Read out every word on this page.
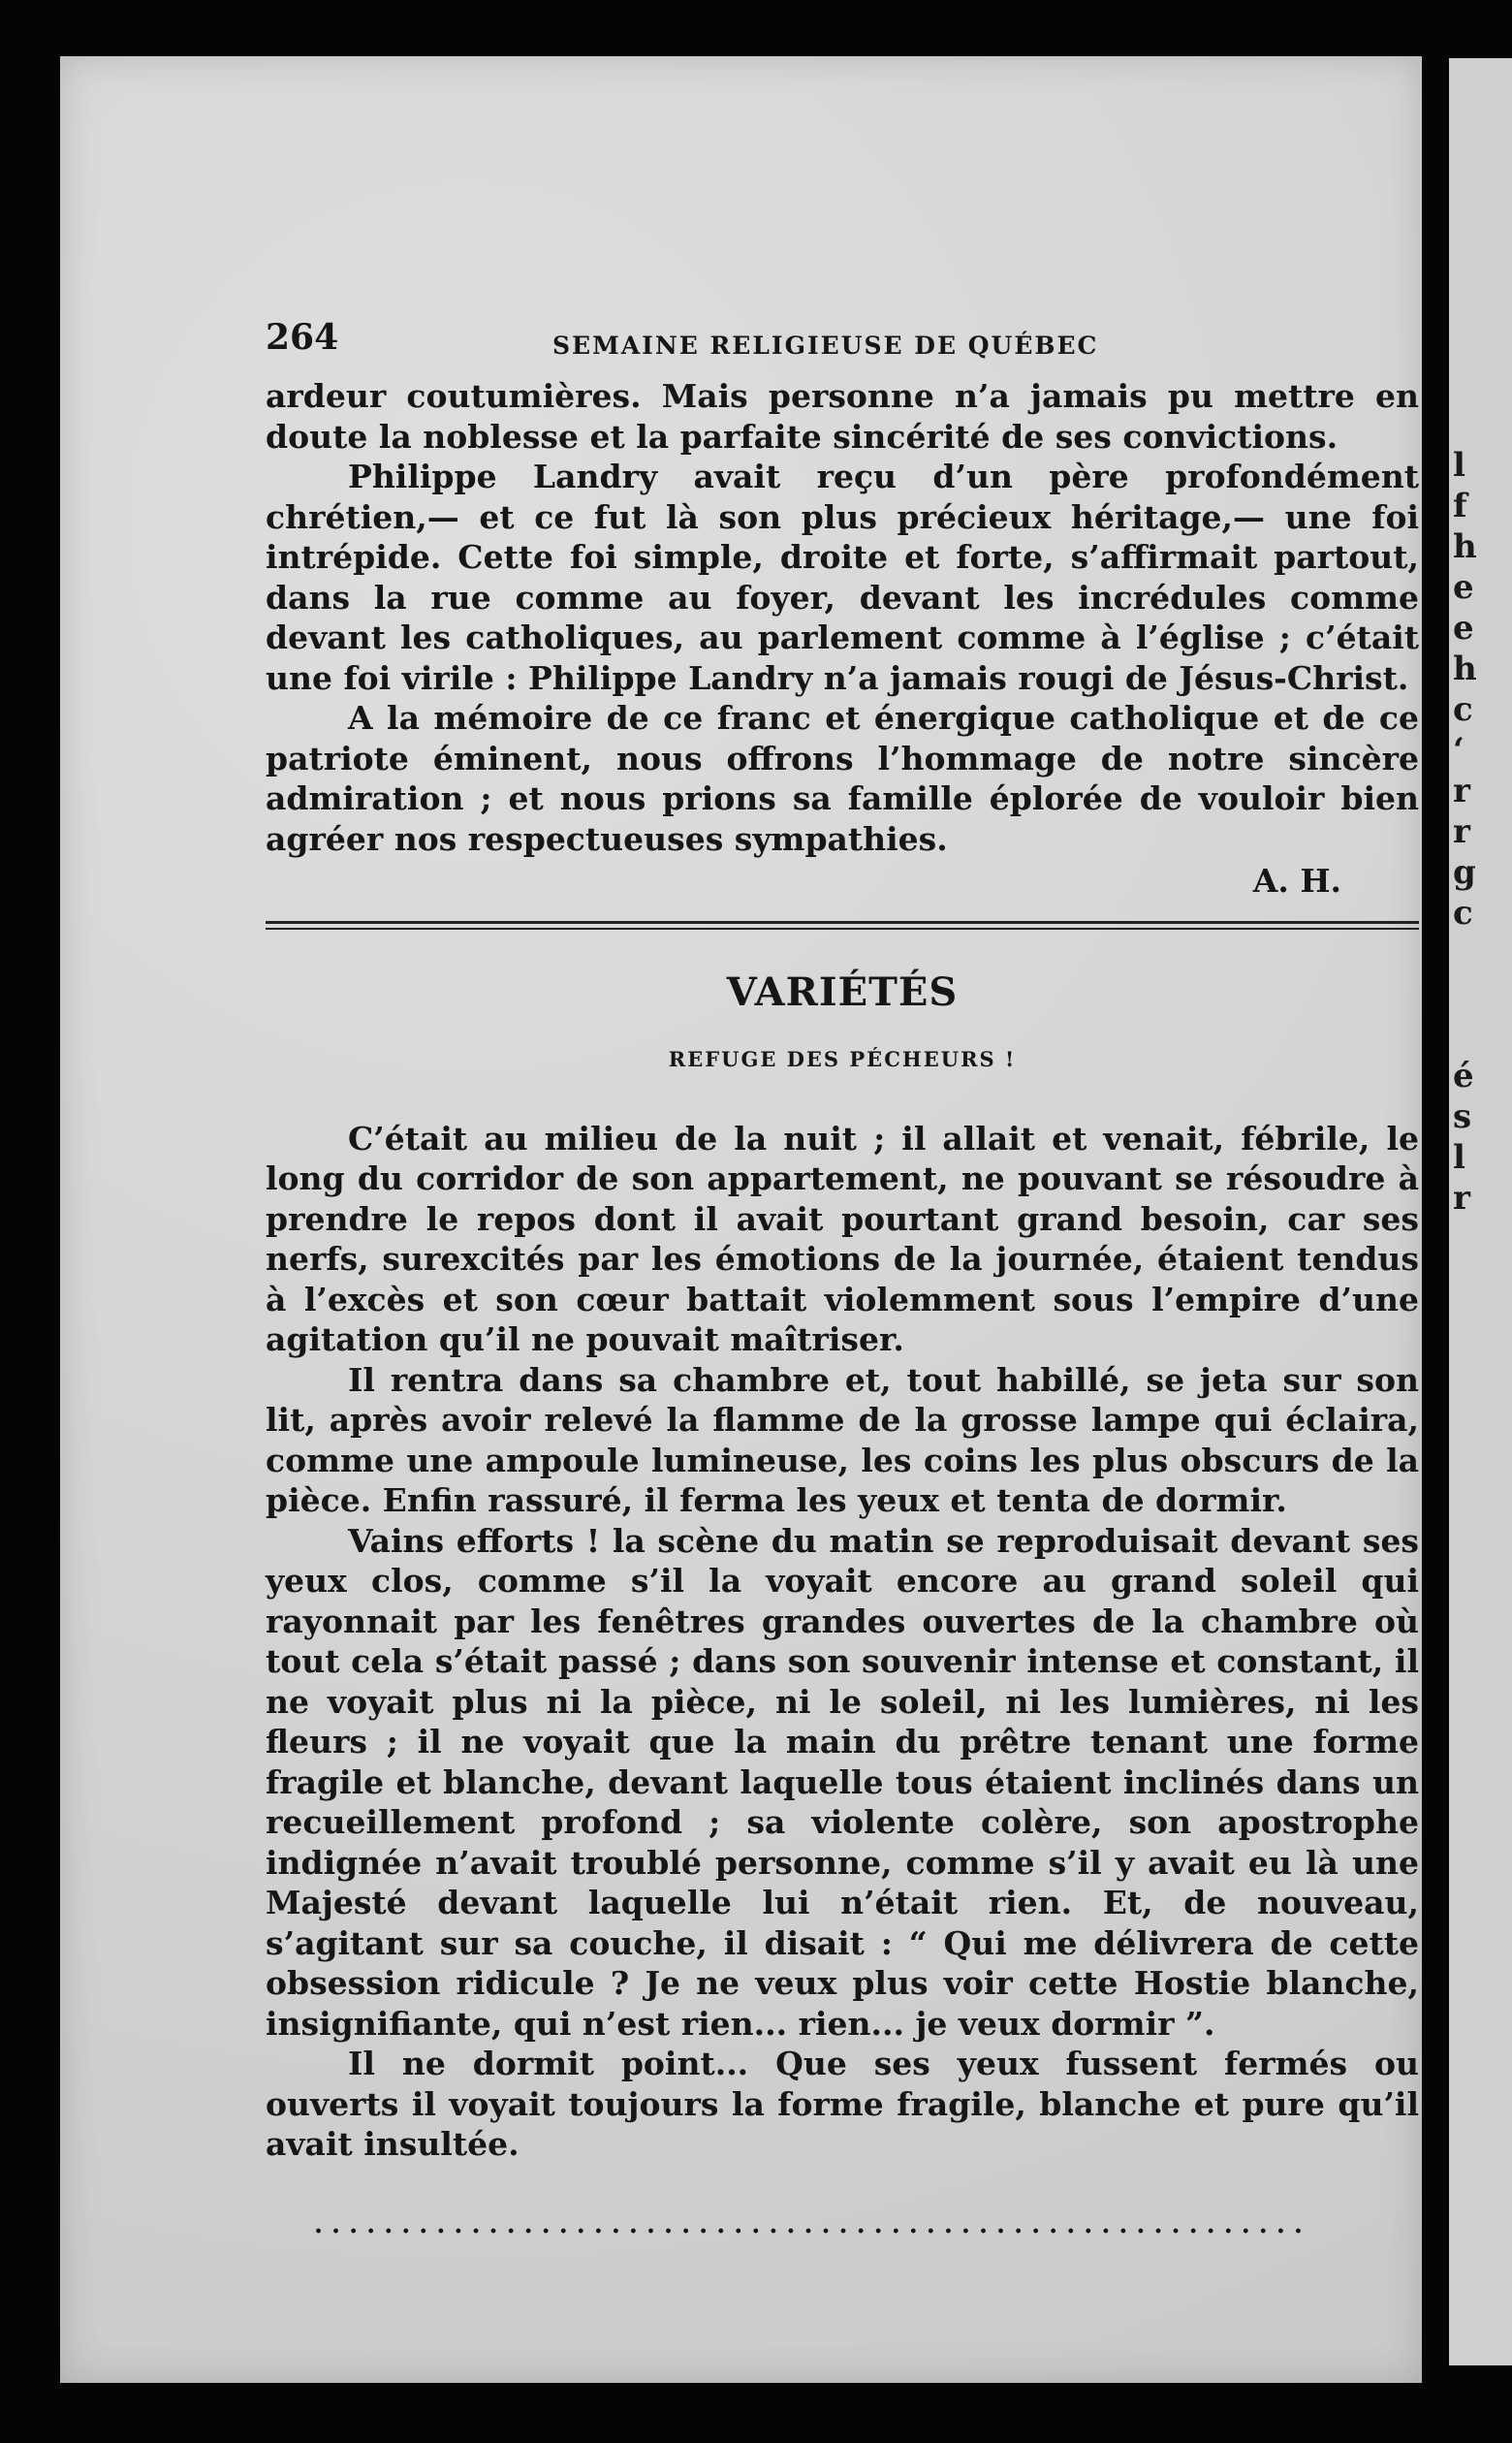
264	SEMAINE RELIGIEUSE DE QUÉBEC

ardeur coutumières. Mais personne n’a jamais pu mettre en doute la noblesse et la parfaite sincérité de ses convictions.

Philippe Landry avait reçu d’un père profondément chrétien,— et ce fut là son plus précieux héritage,— une foi intrépide. Cette foi simple, droite et forte, s’affirmait partout, dans la rue comme au foyer, devant les incrédules comme devant les catholiques, au parlement comme à l’église ; c’était une foi virile : Philippe Landry n’a jamais rougi de Jésus-Christ.

A la mémoire de ce franc et énergique catholique et de ce patriote éminent, nous offrons l’hommage de notre sincère admiration ; et nous prions sa famille éplorée de vouloir bien agréer nos respectueuses sympathies.

A. H.
VARIÉTÉS
REFUGE DES PÉCHEURS !

C’était au milieu de la nuit ; il allait et venait, fébrile, le long du corridor de son appartement, ne pouvant se résoudre à prendre le repos dont il avait pourtant grand besoin, car ses nerfs, surexcités par les émotions de la journée, étaient tendus à l’excès et son cœur battait violemment sous l’empire d’une agitation qu’il ne pouvait maîtriser.

Il rentra dans sa chambre et, tout habillé, se jeta sur son lit, après avoir relevé la flamme de la grosse lampe qui éclaira, comme une ampoule lumineuse, les coins les plus obscurs de la pièce. Enfin rassuré, il ferma les yeux et tenta de dormir.

Vains efforts ! la scène du matin se reproduisait devant ses yeux clos, comme s’il la voyait encore au grand soleil qui rayonnait par les fenêtres grandes ouvertes de la chambre où tout cela s’était passé ; dans son souvenir intense et constant, il ne voyait plus ni la pièce, ni le soleil, ni les lumières, ni les fleurs ; il ne voyait que la main du prêtre tenant une forme fragile et blanche, devant laquelle tous étaient inclinés dans un recueillement profond ; sa violente colère, son apostrophe indignée n’avait troublé personne, comme s’il y avait eu là une Majesté devant laquelle lui n’était rien. Et, de nouveau, s’agitant sur sa couche, il disait : “ Qui me délivrera de cette obsession ridicule ? Je ne veux plus voir cette Hostie blanche, insignifiante, qui n’est rien... rien... je veux dormir ”.

Il ne dormit point... Que ses yeux fussent fermés ou ouverts il voyait toujours la forme fragile, blanche et pure qu’il avait insultée.

.........................................................
l
f
h
e
e
h
c
‘
r
r
g
c
é
s
l
r
